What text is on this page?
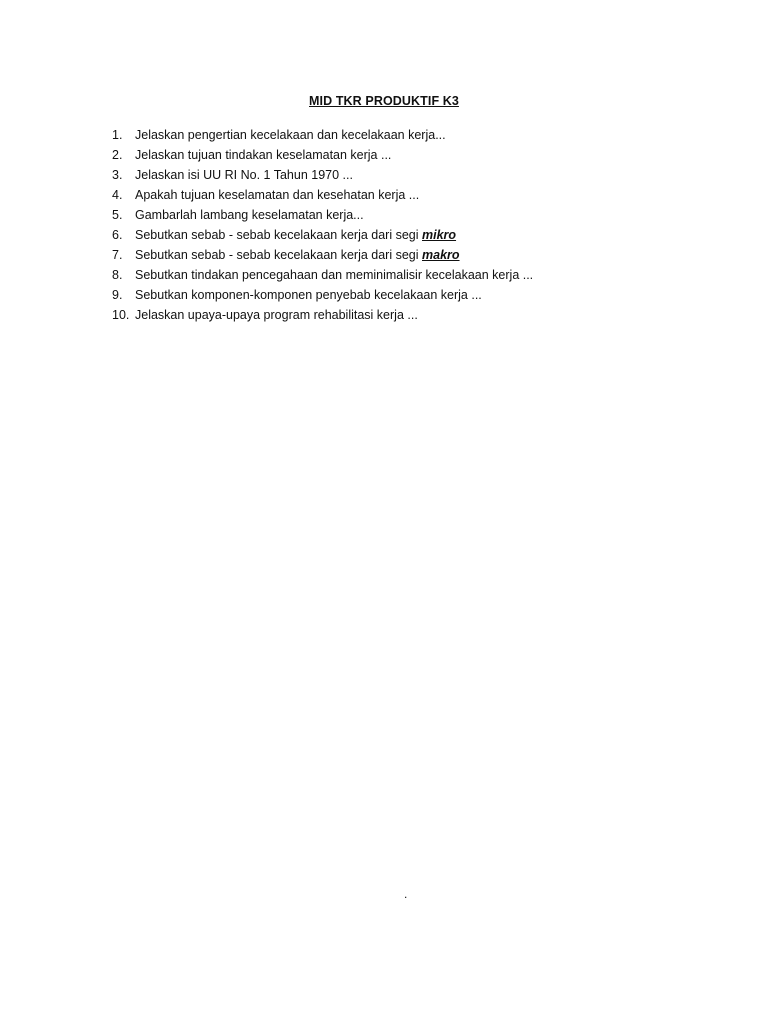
MID TKR PRODUKTIF K3
1.	Jelaskan pengertian kecelakaan dan kecelakaan kerja...
2.	Jelaskan tujuan tindakan keselamatan kerja ...
3.	Jelaskan isi UU RI No. 1 Tahun 1970 ...
4.	Apakah tujuan keselamatan dan kesehatan kerja ...
5.	Gambarlah lambang keselamatan kerja...
6.	Sebutkan sebab - sebab kecelakaan kerja dari segi mikro
7.	Sebutkan sebab - sebab kecelakaan kerja dari segi makro
8.	Sebutkan tindakan pencegahaan dan meminimalisir kecelakaan kerja ...
9.	Sebutkan komponen-komponen penyebab kecelakaan kerja ...
10. Jelaskan upaya-upaya program rehabilitasi kerja ...
.
